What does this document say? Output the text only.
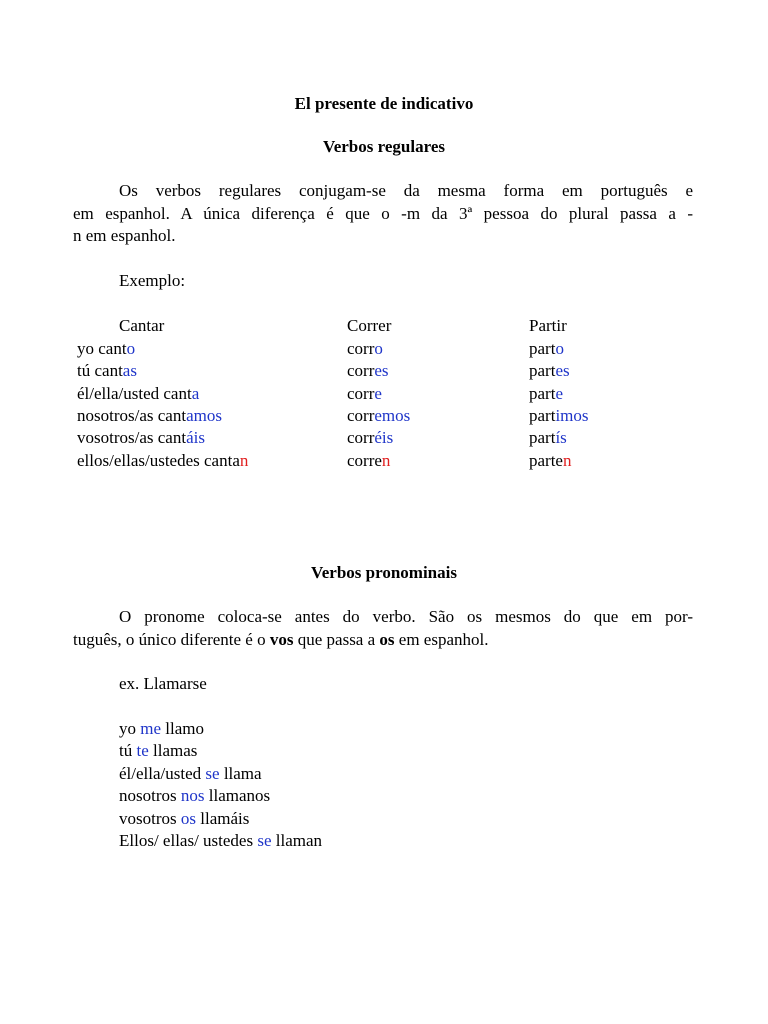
El presente de indicativo
Verbos regulares
Os verbos regulares conjugam-se da mesma forma em português e
em espanhol. A única diferença é que o -m da 3ª pessoa do plural passa a -
n em espanhol.
Exemplo:
Cantar
yo canto
tú cantas
él/ella/usted canta
nosotros/as cantamos
vosotros/as cantáis
ellos/ellas/ustedes cantan
Correr
corro
corres
corre
corremos
corréis
corren
Partir
parto
partes
parte
partimos
partís
parten
Verbos pronominais
O pronome coloca-se antes do verbo. São os mesmos do que em por-
tuguês, o único diferente é o vos que passa a os em espanhol.
ex. Llamarse
yo me llamo
tú te llamas
él/ella/usted se llama
nosotros nos llamanos
vosotros os llamáis
Ellos/ ellas/ ustedes se llaman
